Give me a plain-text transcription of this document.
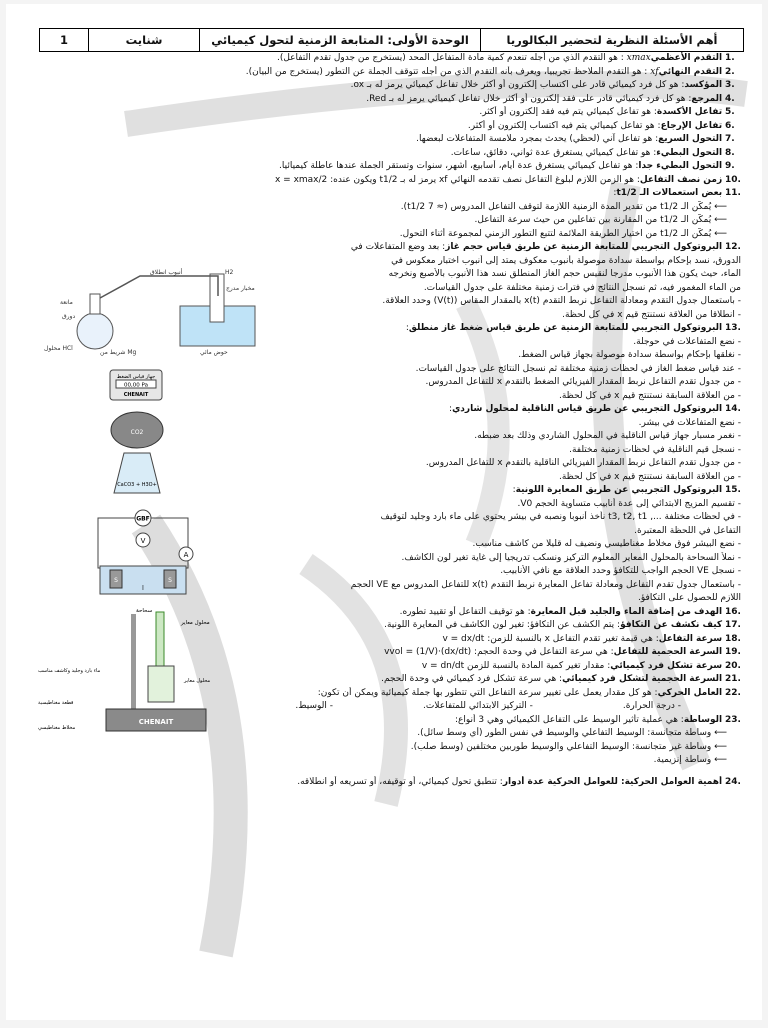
أهم الأسئلة النظرية لتحضير البكالوريا
الوحدة الأولى: المتابعة الزمنية لتحول كيميائي
شنايت
1
1. التقدم الأعظمي xmax: هو التقدم الذي من أجله تنعدم كمية مادة المتفاعل المحد (يستخرج من جدول تقدم التفاعل).
2. التقدم النهائي xf: هو التقدم الملاحظ تجريبيا، ويعرف بأنه التقدم الذي من أجله تتوقف الجملة عن التطور (يستخرج من البيان).
3. المؤكسد: هو كل فرد كيميائي قادر على اكتساب إلكترون أو أكثر خلال تفاعل كيميائي يرمز له بـ ox.
4. المرجع: هو كل فرد كيميائي قادر على فقد إلكترون أو أكثر خلال تفاعل كيميائي يرمز له بـ Red.
5. تفاعل الأكسدة: هو تفاعل كيميائي يتم فيه فقد إلكترون أو أكثر.
6. تفاعل الإرجاع: هو تفاعل كيميائي يتم فيه اكتساب إلكترون أو أكثر.
7. التحول السريع: هو تفاعل آني (لحظي) يحدث بمجرد ملامسة المتفاعلات لبعضها.
8. التحول البطيء: هو تفاعل كيميائي يستغرق عدة ثواني، دقائق، ساعات.
9. التحول البطيء جدا: هو تفاعل كيميائي يستغرق عدة أيام، أسابيع، أشهر، سنوات وتستقر الجملة عندها عاطلة كيميائيا.
10. زمن نصف التفاعل: هو الزمن اللازم لبلوغ التفاعل نصف تقدمه النهائي xf يرمز له بـ t1/2 ويكون عنده: x = xmax/2
11. بعض استعمالات الـ t1/2:
⟵ يُمكّن الـ t1/2 من تقدير المدة الزمنية اللازمة لتوقف التفاعل المدروس (≈ 7 t1/2).
⟵ يُمكّن الـ t1/2 من المقارنة بين تفاعلين من حيث سرعة التفاعل.
⟵ يُمكّن الـ t1/2 من اختيار الطريقة الملائمة لتتبع التطور الزمني لمجموعة أثناء التحول.
12. البروتوكول التجريبي للمتابعة الزمنية عن طريق قياس حجم غاز: بعد وضع المتفاعلات في
الدورق، نسد بإحكام بواسطة سدادة موصولة بأنبوب معكوف يمتد إلى أنبوب اختبار معكوس في
الماء، حيث يكون هذا الأنبوب مدرجا لنقيس حجم الغاز المنطلق نسد هذا الأنبوب بالأصبع ونخرجه
من الماء المغمور فيه، ثم نسجل النتائج في فترات زمنية مختلفة على جدول القياسات.
- باستعمال جدول التقدم ومعادلة التفاعل نربط التقدم x(t) بالمقدار المقاس (V(t)) وحدد العلاقة.
- انطلاقا من العلاقة نستنتج قيم x في كل لحظة.
13. البروتوكول التجريبي للمتابعة الزمنية عن طريق قياس ضغط غاز منطلق:
- نضع المتفاعلات في حوجلة.
- نغلقها بإحكام بواسطة سدادة موصولة بجهاز قياس الضغط.
- عند قياس ضغط الغاز في لحظات زمنية مختلفة ثم نسجل النتائج على جدول القياسات.
- من جدول تقدم التفاعل نربط المقدار الفيزيائي الضغط بالتقدم x للتفاعل المدروس.
- من العلاقة السابقة نستنتج قيم x في كل لحظة.
14. البروتوكول التجريبي عن طريق قياس الناقلية لمحلول شاردي:
- نضع المتفاعلات في بيشر.
- نغمر مسبار جهاز قياس الناقلية في المحلول الشاردي وذلك بعد ضبطه.
- نسجل قيم الناقلية في لحظات زمنية مختلفة.
- من جدول تقدم التفاعل نربط المقدار الفيزيائي الناقلية بالتقدم x للتفاعل المدروس.
- من العلاقة السابقة نستنتج قيم x في كل لحظة.
15. البروتوكول التجريبي عن طريق المعايرة اللونية:
- تقسيم المزيج الابتدائي إلى عدة أنابيب متساوية الحجم V0.
- في لحظات مختلفة ..., t3, t2, t1 نأخذ أنبوبا ونصبه في بيشر يحتوي على ماء بارد وجليد لتوقيف
التفاعل في اللحظة المعتبرة.
- نضع البيشر فوق مخلاط مغناطيسي ونضيف له قليلا من كاشف مناسب.
- نملأ السحاحة بالمحلول المعاير المعلوم التركيز ونسكب تدريجيا إلى غاية تغير لون الكاشف.
- نسجل VE الحجم الواجب للتكافؤ وحدد العلاقة مع نافي الأنابيب.
- باستعمال جدول تقدم التفاعل ومعادلة تفاعل المعايرة نربط التقدم x(t) للتفاعل المدروس مع VE الحجم
اللازم للحصول على التكافؤ.
16. الهدف من إضافة الماء والجليد قبل المعايرة: هو توقيف التفاعل أو تقييد تطوره.
17. كيف نكشف عن التكافؤ: يتم الكشف عن التكافؤ: تغير لون الكاشف في المعايرة اللونية.
18. سرعة التفاعل: هي قيمة تغير تقدم التفاعل x بالنسبة للزمن: v = dx/dt
19. السرعة الحجمية للتفاعل: هي سرعة التفاعل في وحدة الحجم: vvol = (1/V)·(dx/dt)
20. سرعة تشكل فرد كيميائي: مقدار تغير كمية المادة بالنسبة للزمن v = dn/dt
21. السرعة الحجمية لتشكل فرد كيميائي: هي سرعة تشكل فرد كيميائي في وحدة الحجم.
22. العامل الحركي: هو كل مقدار يعمل على تغيير سرعة التفاعل التي تتطور بها جملة كيميائية ويمكن أن تكون:
- درجة الحرارة.
- التركيز الابتدائي للمتفاعلات.
- الوسيط.
23. الوساطة: هي عملية تأثير الوسيط على التفاعل الكيميائي وهي 3 أنواع:
⟵ وساطة متجانسة: الوسيط التفاعلي والوسيط في نفس الطور (أي وسط سائل).
⟵ وساطة غير متجانسة: الوسيط التفاعلي والوسيط طوربين مختلفين (وسط صلب).
⟵ وساطة إنزيمية.
24. أهمية العوامل الحركية: للعوامل الحركية عدة أدوار: تنطبق تحول كيميائي، أو توقيفه، أو تسريعه أو انطلاقه.
محلول HCl
شريط من Mg
مانعة
دورق
أنبوب انطلاق	H2
مخبار مدرج
حوض مائي
جهاز قياس الضغط
00,00 Pa
CHENAIT
CO2
CaCO3 + H3O+
GBF
V
A
S	S
l
CHENAIT
سحاحة
محلول معاير
ماء بارد وجليد وكاشف مناسب
قطعة مغناطيسية
مخلاط مغناطيسي
محلول معاير
